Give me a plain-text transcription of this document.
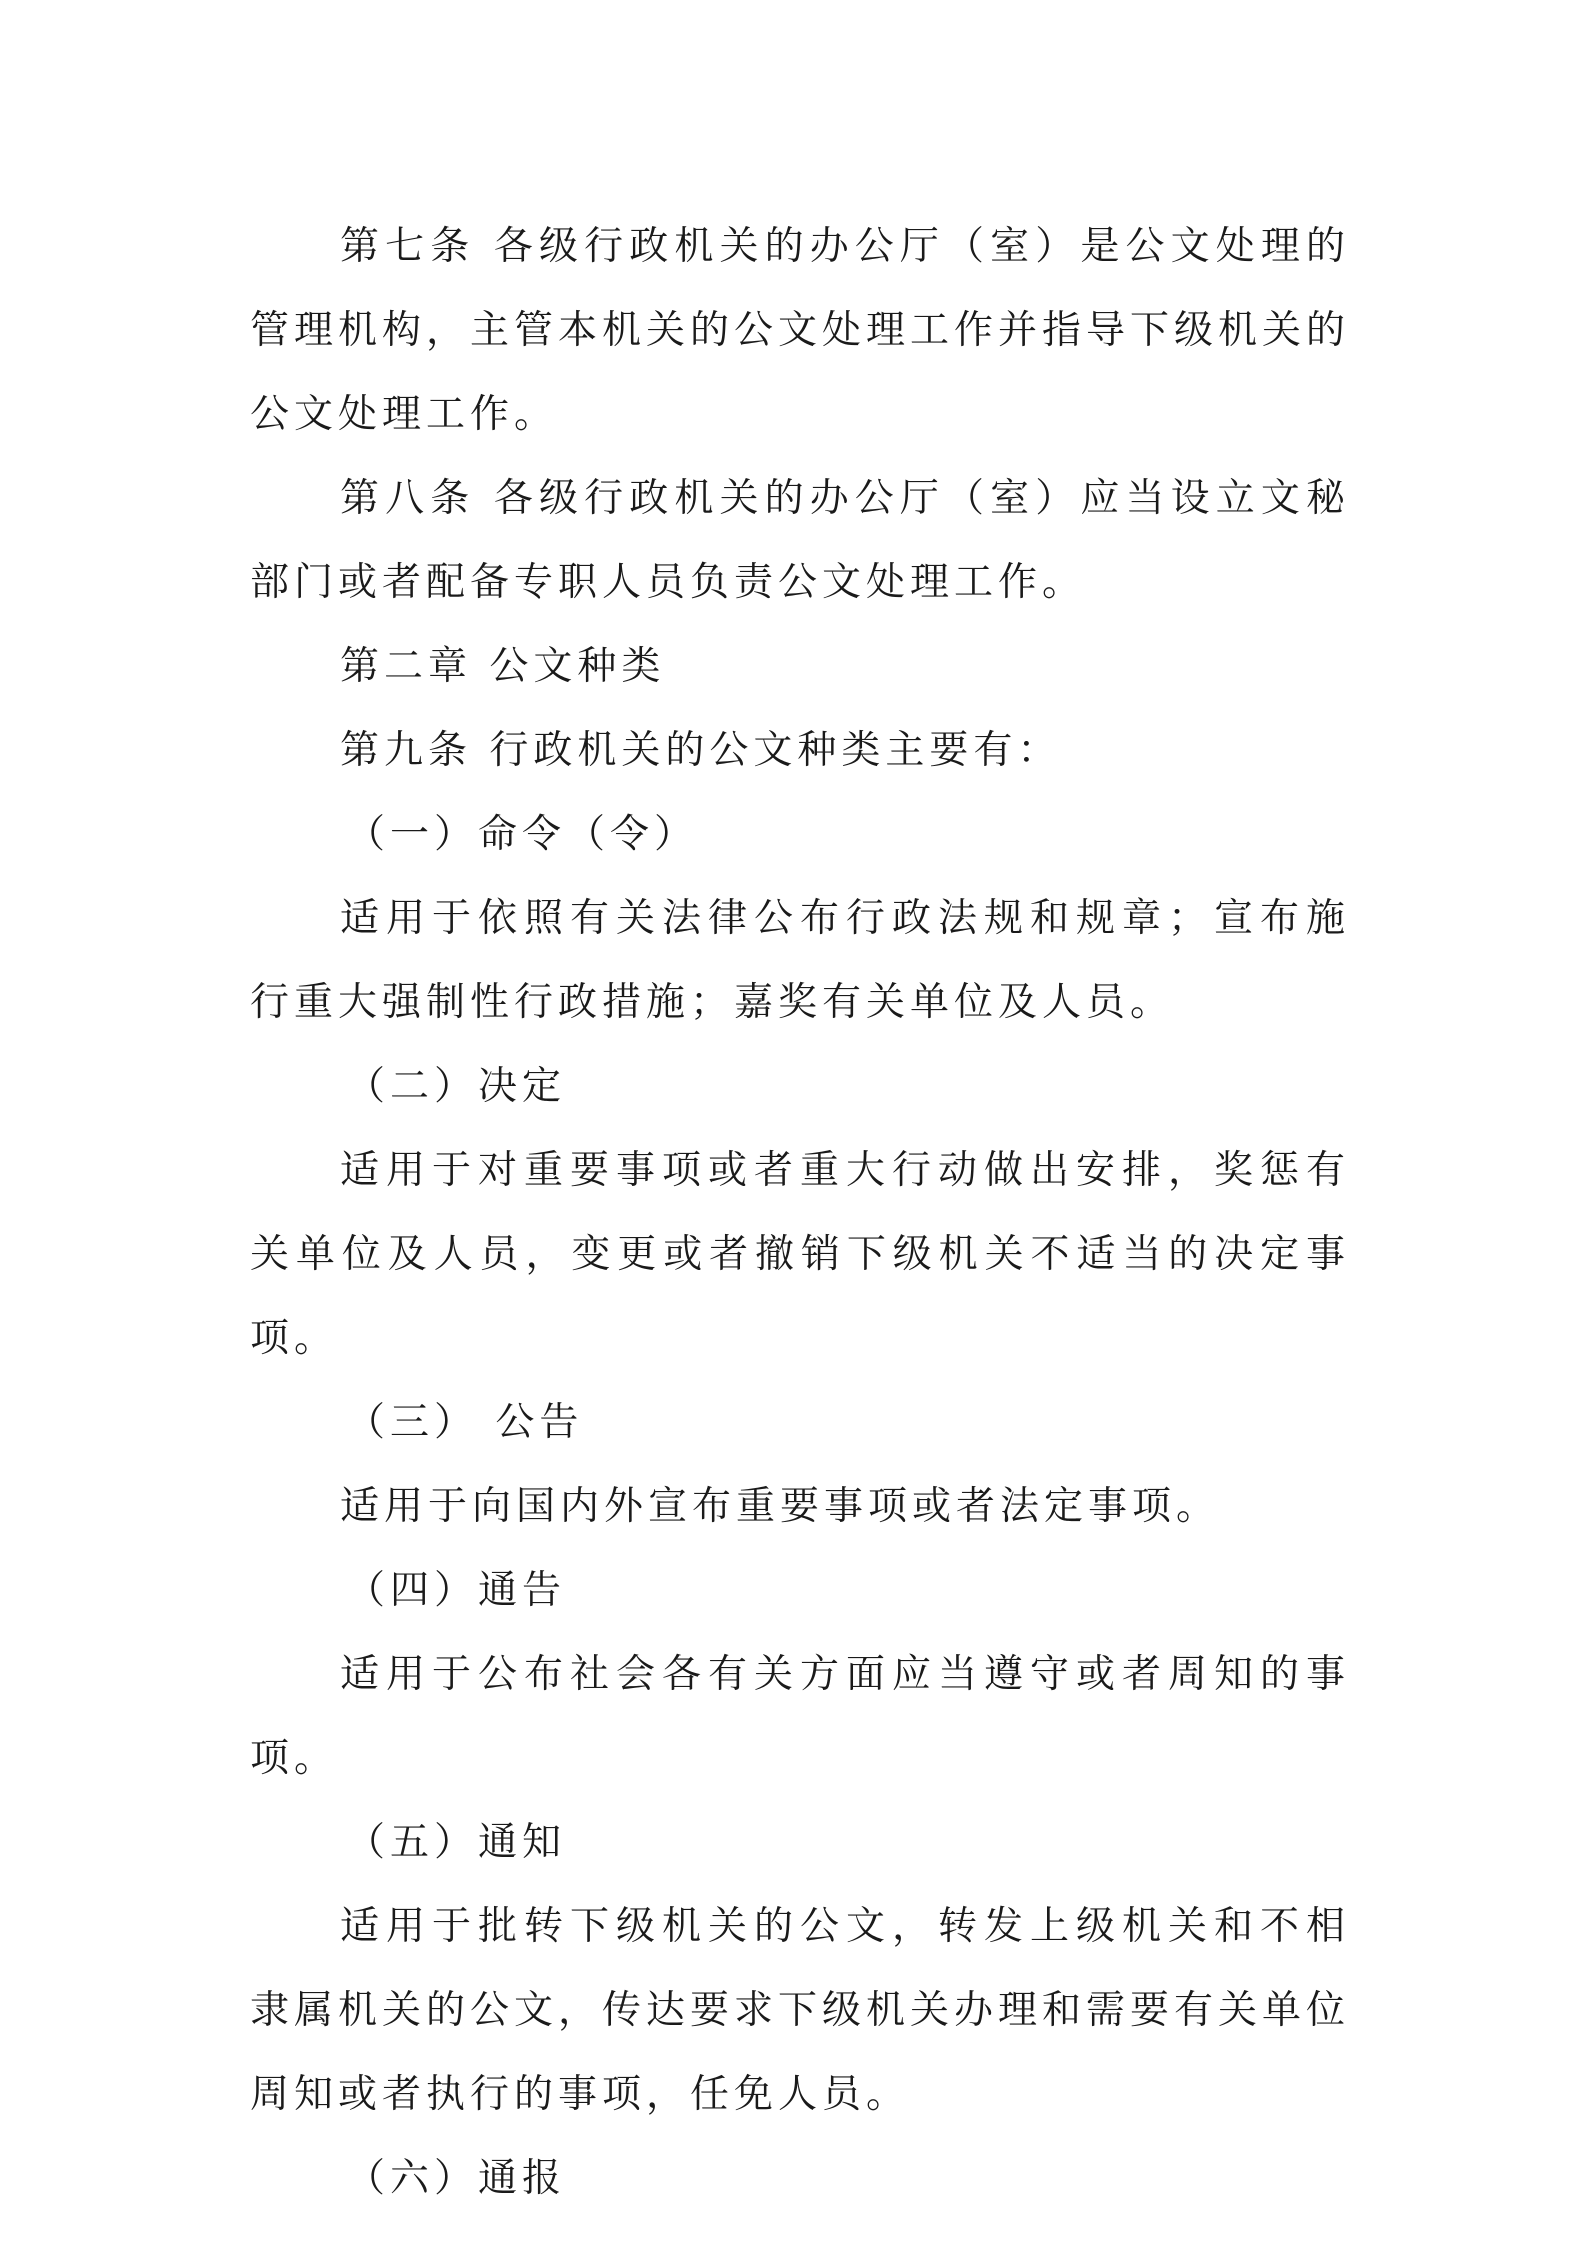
第七条 各级行政机关的办公厅（室）是公文处理的管理机构，主管本机关的公文处理工作并指导下级机关的公文处理工作。

第八条 各级行政机关的办公厅（室）应当设立文秘部门或者配备专职人员负责公文处理工作。

第二章 公文种类

第九条 行政机关的公文种类主要有：

（一）命令（令）

适用于依照有关法律公布行政法规和规章；宣布施行重大强制性行政措施；嘉奖有关单位及人员。

（二）决定

适用于对重要事项或者重大行动做出安排，奖惩有关单位及人员，变更或者撤销下级机关不适当的决定事项。

（三） 公告

适用于向国内外宣布重要事项或者法定事项。

（四）通告

适用于公布社会各有关方面应当遵守或者周知的事项。

（五）通知

适用于批转下级机关的公文，转发上级机关和不相隶属机关的公文，传达要求下级机关办理和需要有关单位周知或者执行的事项，任免人员。

（六）通报
